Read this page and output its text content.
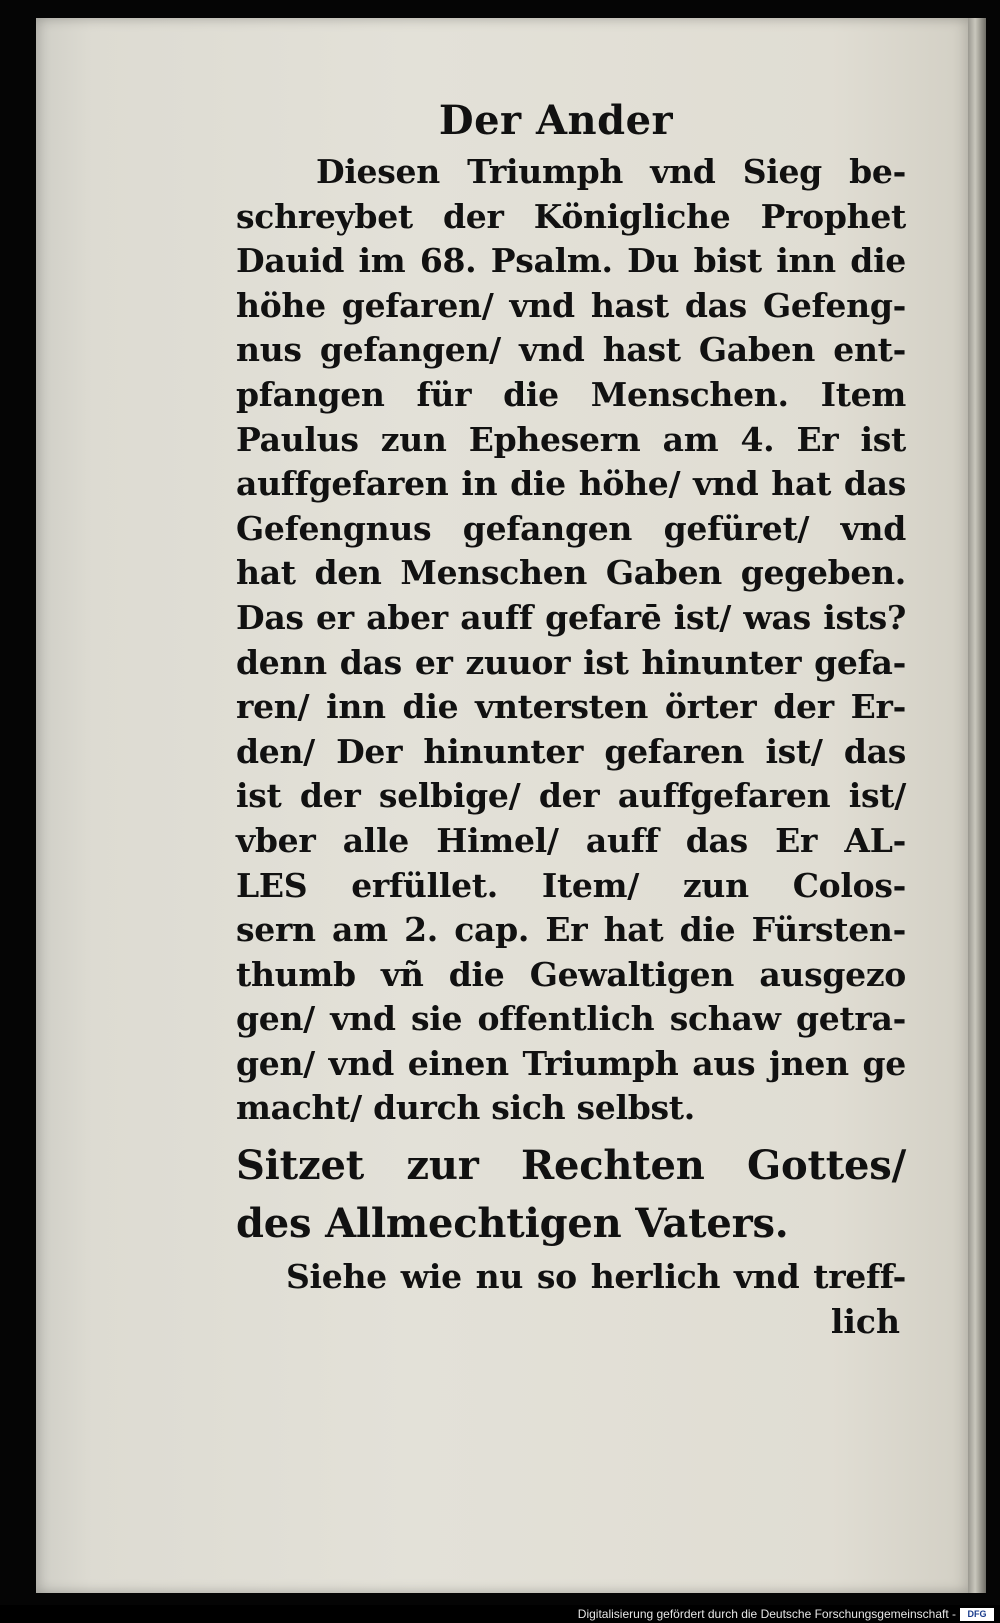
Der Ander
Diesen Triumph vnd Sieg be-
schreybet der Königliche Prophet
Dauid im 68. Psalm. Du bist inn die
höhe gefaren/ vnd hast das Gefeng-
nus gefangen/ vnd hast Gaben ent-
pfangen für die Menschen. Item
Paulus zun Ephesern am 4. Er ist
auffgefaren in die höhe/ vnd hat das
Gefengnus gefangen gefüret/ vnd
hat den Menschen Gaben gegeben.
Das er aber auff gefarē ist/ was ists?
denn das er zuuor ist hinunter gefa-
ren/ inn die vntersten örter der Er-
den/ Der hinunter gefaren ist/ das
ist der selbige/ der auffgefaren ist/
vber alle Himel/ auff das Er AL-
LES erfüllet. Item/ zun Colos-
sern am 2. cap. Er hat die Fürsten-
thumb vñ die Gewaltigen ausgezo
gen/ vnd sie offentlich schaw getra-
gen/ vnd einen Triumph aus jnen ge
macht/ durch sich selbst.
Sitzet zur Rechten Gottes/
des Allmechtigen Vaters.
Siehe wie nu so herlich vnd treff-
lich
Digitalisierung gefördert durch die Deutsche Forschungsgemeinschaft -	DFG
